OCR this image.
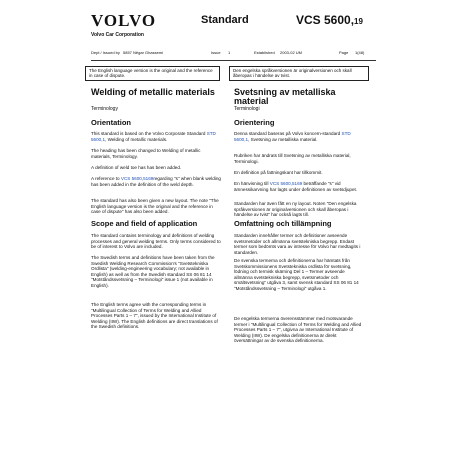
VOLVO
Volvo Car Corporation
Standard	VCS 5600,19
Dept / Issued by 5857 Nēgar Ghassemi	Issue 1	Established 2003-02 UM	Page 1(48)
The English language version is the original and the reference in case of dispute.
Welding of metallic materials
Terminology
Orientation
This standard is based on the Volvo Corporate Standard STD 5600,1, Welding of metallic materials.
The heading has been changed to Welding of metallic materials, Terminology.
A definition of weld toe has has been added.
A reference to VCS 5600,5169regarding "s" when blank welding has been added in the definition of the weld depth.
The standard has also been given a new layout. The note "The English language version is the original and the reference in case of dispute" has also been added.
Scope and field of application
The standard contains terminology and definitions of welding processes and general welding terms. Only terms considered to be of interest to Volvo are included.
The Swedish terms and definitions have been taken from the Swedish Welding Research Commission's "Svetstekniska Ordlista" (welding-engineering vocabulary; not available in English) as well as from the Swedish standard SS 06 81 14 "Motståndssvetsning – Terminologi" issue 1 (not available in English).
The English terms agree with the corresponding terms in "Multilingual Collection of Terms for Welding and Allied Processes Parts 1 – 7", issued by the International Institute of Welding (IIW). The English definitions are direct translations of the Swedish definitions.
Den engelska språkversionen är originalversionen och skall åberopas i händelse av tvist.
Svetsning av metalliska material
Terminologi
Orientering
Denna standard baseras på Volvo koncern-standard STD 5600,1, Svetsning av metalliska material.
Rubriken har ändrats till Svetsning av metalliska material, Terminologi.
En definition på fattningskant har tillkommit.
En hänvisning till VCS 5600,5169 beträffande "s" vid ämnessikarvning har lagts under definitionen av svetsdjupet.
Standarden har även fått en ny layout. Noten "Den engelska språkversionen är originalversionen och skall åberopas i händelse av tvist" har också lagts till.
Omfattning och tillämpning
Standarden innehåller termer och definitioner avseende svetsmetoder och allmänna svetstekniska begrepp. Endast termer som bedömts vara av intresse för Volvo har medtagits i standarden.
De svenska termerna och definitionerna har hämtats från Svetskommissionens Svetstekniska ordlista för svetsning, lödning och termisk skärning Del 1 – Termer avseende allmänna svetstekniska begrepp, svetsmetoder och smältsvetsning" utgåva 3, samt svensk standard SS 06 81 14 "Motståndssvetsning – Terminologi" utgåva 1.
De engelska termerna överensstämmer med motsvarande termer i "Multilingual Collection of Terms for Welding and Allied Processes Parts 1 – 7", utgivna av International Institute of Welding (IIW). De engelska definitionerna är direkt översättningar av de svenska definitionerna.
